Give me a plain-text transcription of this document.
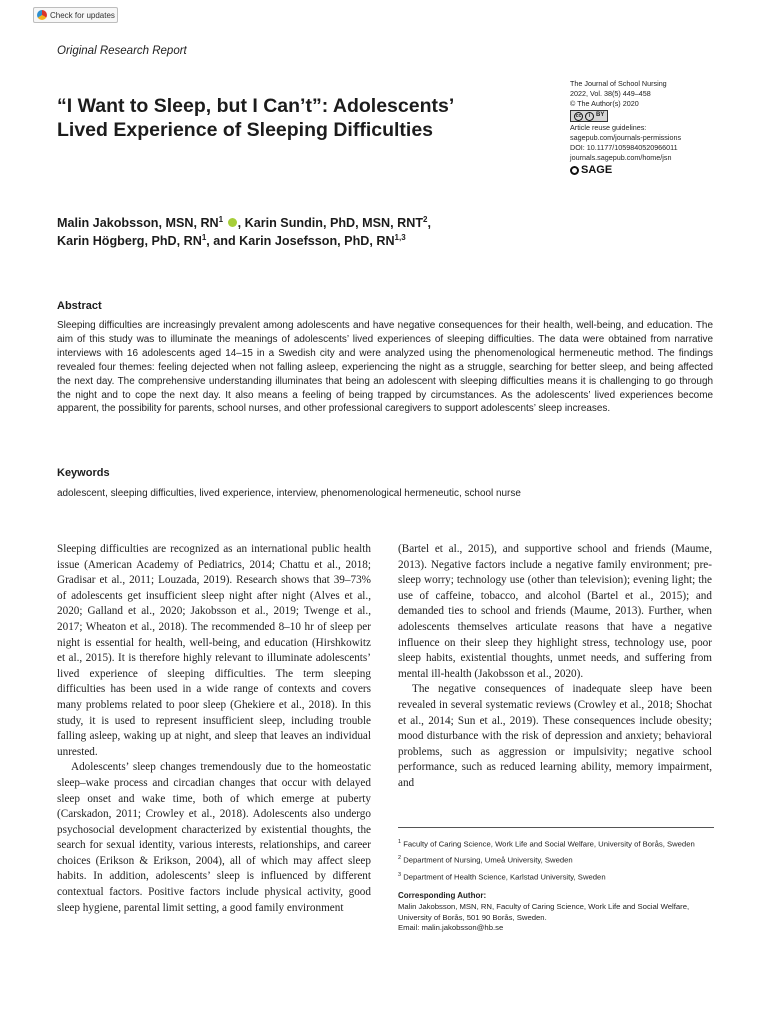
Check for updates
Original Research Report
“I Want to Sleep, but I Can’t”: Adolescents’ Lived Experience of Sleeping Difficulties
The Journal of School Nursing
2022, Vol. 38(5) 449–458
© The Author(s) 2020
cc	i BY
Article reuse guidelines:
sagepub.com/journals-permissions
DOI: 10.1177/1059840520966011
journals.sagepub.com/home/jsn
SAGE
Malin Jakobsson, MSN, $RN^1$ , Karin Sundin, PhD, MSN, RNT$^2$,
Karin Högberg, PhD, $RN^1$, and Karin Josefsson, PhD, RN$^{1,3}$
Abstract

Sleeping difficulties are increasingly prevalent among adolescents and have negative consequences for their health, well-being, and education. The aim of this study was to illuminate the meanings of adolescents’ lived experiences of sleeping difficulties. The data were obtained from narrative interviews with 16 adolescents aged 14–15 in a Swedish city and were analyzed using the phenomenological hermeneutic method. The findings revealed four themes: feeling dejected when not falling asleep, experiencing the night as a struggle, searching for better sleep, and being affected the next day. The comprehensive understanding illuminates that being an adolescent with sleeping difficulties means it is challenging to go through the night and to cope the next day. It also means a feeling of being trapped by circumstances. As the adolescents’ lived experiences become apparent, the possibility for parents, school nurses, and other professional caregivers to support adolescents’ sleep increases.

Keywords
adolescent, sleeping difficulties, lived experience, interview, phenomenological hermeneutic, school nurse

Sleeping difficulties are recognized as an international public health issue (American Academy of Pediatrics, 2014; Chattu et al., 2018; Gradisar et al., 2011; Louzada, 2019). Research shows that 39–73% of adolescents get insufficient sleep night after night (Alves et al., 2020; Galland et al., 2020; Jakobsson et al., 2019; Twenge et al., 2017; Wheaton et al., 2018). The recommended 8–10 hr of sleep per night is essential for health, well-being, and education (Hirshkowitz et al., 2015). It is therefore highly relevant to illuminate adolescents’ lived experience of sleeping difficulties. The term sleeping difficulties has been used in a wide range of contexts and covers many problems related to poor sleep (Ghekiere et al., 2018). In this study, it is used to represent insufficient sleep, including trouble falling asleep, waking up at night, and sleep that leaves an individual unrested.

Adolescents’ sleep changes tremendously due to the homeostatic sleep–wake process and circadian changes that occur with delayed sleep onset and wake time, both of which emerge at puberty (Carskadon, 2011; Crowley et al., 2018). Adolescents also undergo psychosocial development characterized by existential thoughts, the search for sexual identity, various interests, relationships, and career choices (Erikson & Erikson, 2004), all of which may affect sleep habits. In addition, adolescents’ sleep is influenced by different contextual factors. Positive factors include physical activity, good sleep hygiene, parental limit setting, a good family environment

(Bartel et al., 2015), and supportive school and friends (Maume, 2013). Negative factors include a negative family environment; pre-sleep worry; technology use (other than television); evening light; the use of caffeine, tobacco, and alcohol (Bartel et al., 2015); and demanded ties to school and friends (Maume, 2013). Further, when adolescents themselves articulate reasons that have a negative influence on their sleep they highlight stress, technology use, poor sleep habits, existential thoughts, unmet needs, and suffering from mental ill-health (Jakobsson et al., 2020).

The negative consequences of inadequate sleep have been revealed in several systematic reviews (Crowley et al., 2018; Shochat et al., 2014; Sun et al., 2019). These consequences include obesity; mood disturbance with the risk of depression and anxiety; behavioral problems, such as aggression or impulsivity; negative school performance, such as reduced learning ability, memory impairment, and

$^1$ Faculty of Caring Science, Work Life and Social Welfare, University of Borås, Sweden
$^2$ Department of Nursing, Umeå University, Sweden
$^3$ Department of Health Science, Karlstad University, Sweden
Corresponding Author:
Malin Jakobsson, MSN, RN, Faculty of Caring Science, Work Life and Social Welfare, University of Borås, 501 90 Borås, Sweden.
Email: malin.jakobsson@hb.se
